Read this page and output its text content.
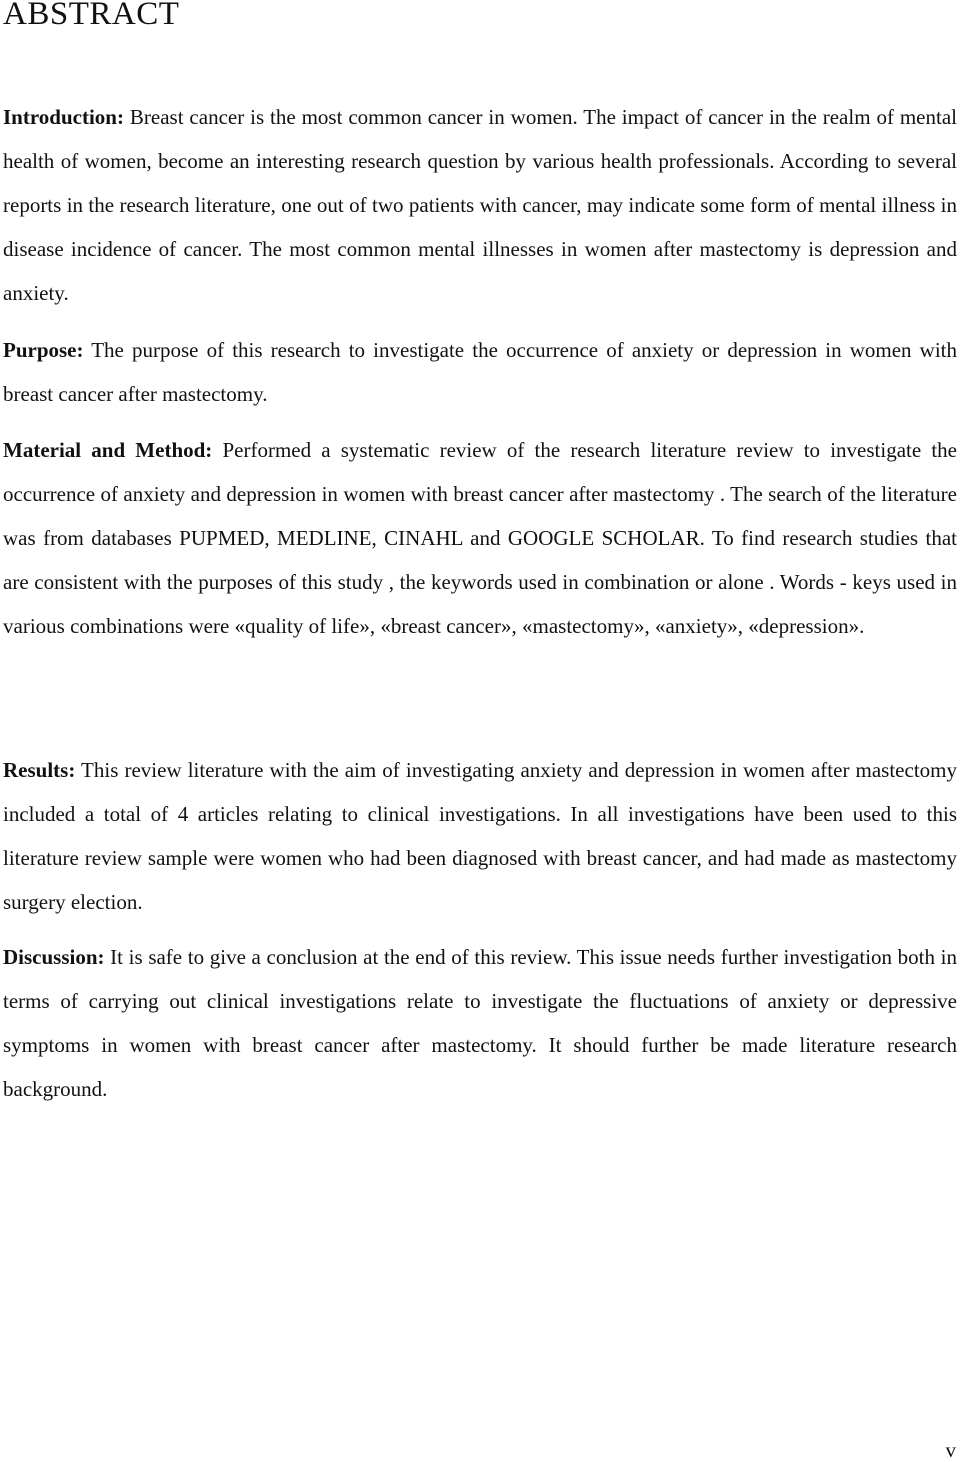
ABSTRACT

Introduction: Breast cancer is the most common cancer in women. The impact of cancer in the realm of mental health of women, become an interesting research question by various health professionals. According to several reports in the research literature, one out of two patients with cancer, may indicate some form of mental illness in disease incidence of cancer. The most common mental illnesses in women after mastectomy is depression and anxiety.

Purpose: The purpose of this research to investigate the occurrence of anxiety or depression in women with breast cancer after mastectomy.

Material and Method: Performed a systematic review of the research literature review to investigate the occurrence of anxiety and depression in women with breast cancer after mastectomy . The search of the literature was from databases PUPMED, MEDLINE, CINAHL and GOOGLE SCHOLAR. To find research studies that are consistent with the purposes of this study , the keywords used in combination or alone . Words - keys used in various combinations were «quality of life», «breast cancer», «mastectomy», «anxiety», «depression».

Results: This review literature with the aim of investigating anxiety and depression in women after mastectomy included a total of 4 articles relating to clinical investigations. In all investigations have been used to this literature review sample were women who had been diagnosed with breast cancer, and had made as mastectomy surgery election.

Discussion: It is safe to give a conclusion at the end of this review. This issue needs further investigation both in terms of carrying out clinical investigations relate to investigate the fluctuations of anxiety or depressive symptoms in women with breast cancer after mastectomy. It should further be made literature research background.

v
